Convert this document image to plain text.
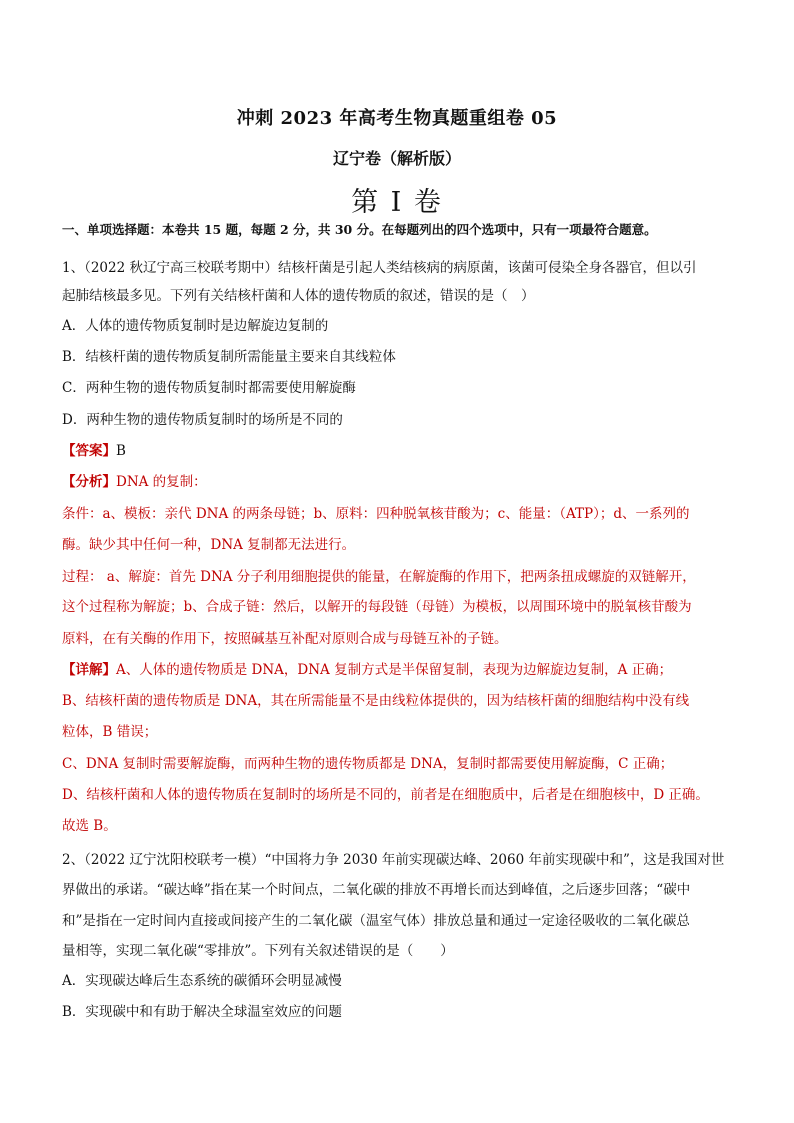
冲刺 2023 年高考生物真题重组卷 05
辽宁卷（解析版）
第 I 卷
一、单项选择题：本卷共 15 题，每题 2 分，共 30 分。在每题列出的四个选项中，只有一项最符合题意。
1、（2022 秋辽宁高三校联考期中）结核杆菌是引起人类结核病的病原菌，该菌可侵染全身各器官，但以引
起肺结核最多见。下列有关结核杆菌和人体的遗传物质的叙述，错误的是（　）
A．人体的遗传物质复制时是边解旋边复制的
B．结核杆菌的遗传物质复制所需能量主要来自其线粒体
C．两种生物的遗传物质复制时都需要使用解旋酶
D．两种生物的遗传物质复制时的场所是不同的
【答案】B
【分析】DNA 的复制：
条件：a、模板：亲代 DNA 的两条母链；b、原料：四种脱氧核苷酸为；c、能量：（ATP）；d、一系列的
酶。缺少其中任何一种，DNA 复制都无法进行。
过程： a、解旋：首先 DNA 分子利用细胞提供的能量，在解旋酶的作用下，把两条扭成螺旋的双链解开，
这个过程称为解旋；b、合成子链：然后，以解开的每段链（母链）为模板，以周围环境中的脱氧核苷酸为
原料，在有关酶的作用下，按照碱基互补配对原则合成与母链互补的子链。
【详解】A、人体的遗传物质是 DNA，DNA 复制方式是半保留复制，表现为边解旋边复制，A 正确；
B、结核杆菌的遗传物质是 DNA，其在所需能量不是由线粒体提供的，因为结核杆菌的细胞结构中没有线
粒体，B 错误；
C、DNA 复制时需要解旋酶，而两种生物的遗传物质都是 DNA，复制时都需要使用解旋酶，C 正确；
D、结核杆菌和人体的遗传物质在复制时的场所是不同的，前者是在细胞质中，后者是在细胞核中，D 正确。
故选 B。
2、（2022 辽宁沈阳校联考一模）“中国将力争 2030 年前实现碳达峰、2060 年前实现碳中和”，这是我国对世
界做出的承诺。“碳达峰”指在某一个时间点，二氧化碳的排放不再增长而达到峰值，之后逐步回落；“碳中
和”是指在一定时间内直接或间接产生的二氧化碳（温室气体）排放总量和通过一定途径吸收的二氧化碳总
量相等，实现二氧化碳“零排放”。下列有关叙述错误的是（　　）
A．实现碳达峰后生态系统的碳循环会明显减慢
B．实现碳中和有助于解决全球温室效应的问题
